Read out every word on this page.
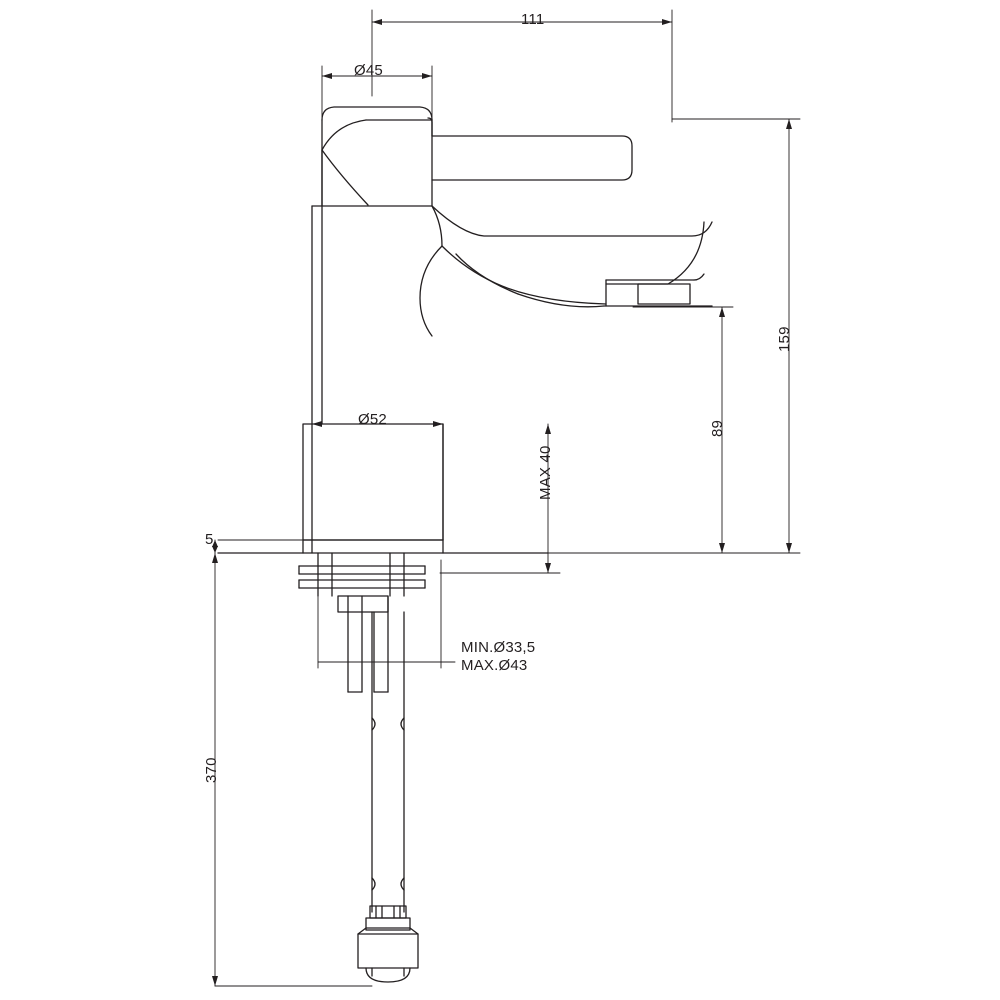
111
Ø45
Ø52
159
89
MAX 40
5
370
MIN.Ø33,5
MAX.Ø43
